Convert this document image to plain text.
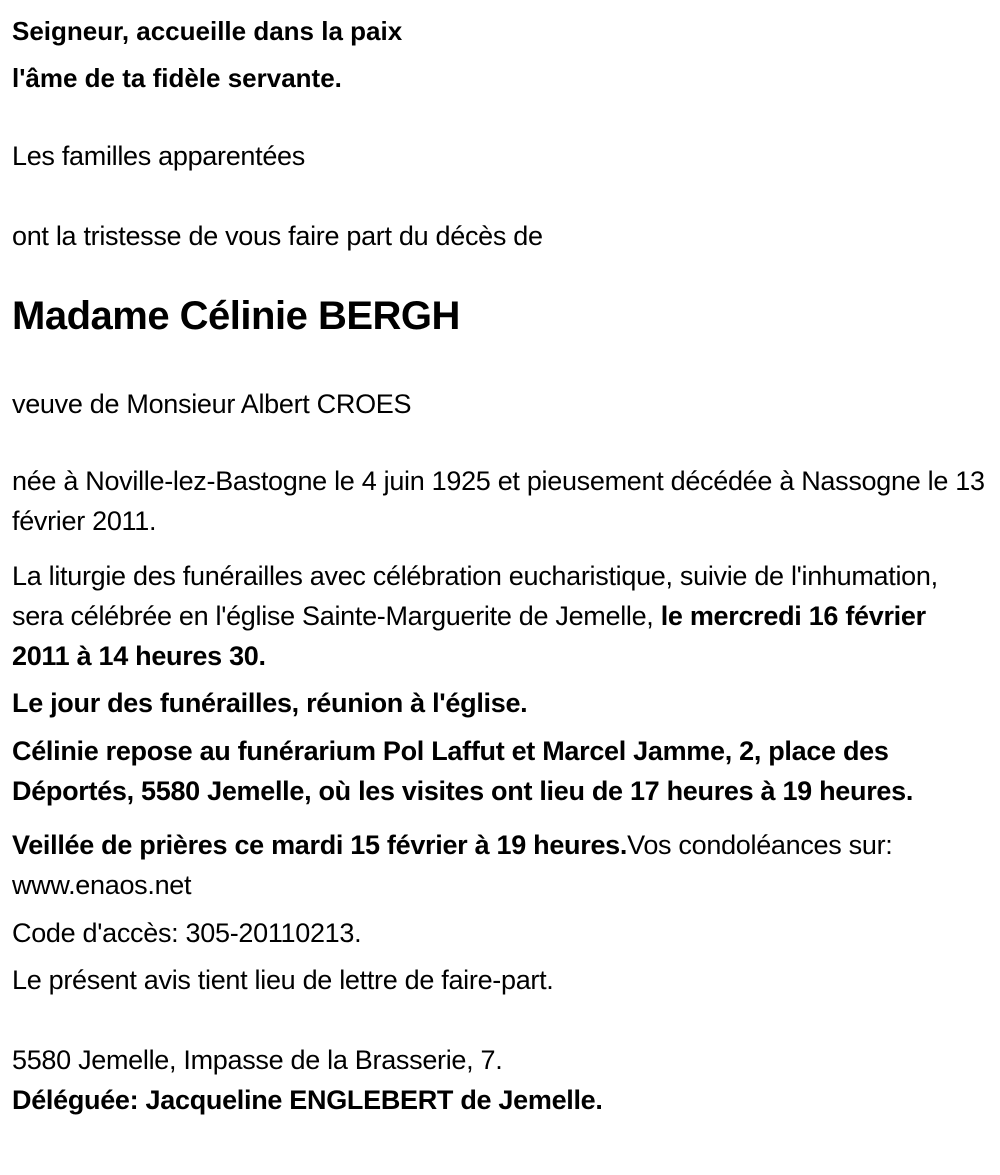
Seigneur, accueille dans la paix
l'âme de ta fidèle servante.

Les familles apparentées

ont la tristesse de vous faire part du décès de

Madame Célinie BERGH

veuve de Monsieur Albert CROES

née à Noville-lez-Bastogne le 4 juin 1925 et pieusement décédée à Nassogne le 13 février 2011.

La liturgie des funérailles avec célébration eucharistique, suivie de l'inhumation, sera célébrée en l'église Sainte-Marguerite de Jemelle, le mercredi 16 février 2011 à 14 heures 30.

Le jour des funérailles, réunion à l'église.

Célinie repose au funérarium Pol Laffut et Marcel Jamme, 2, place des Déportés, 5580 Jemelle, où les visites ont lieu de 17 heures à 19 heures.

Veillée de prières ce mardi 15 février à 19 heures.Vos condoléances sur: www.enaos.net

Code d'accès: 305-20110213.

Le présent avis tient lieu de lettre de faire-part.

5580 Jemelle, Impasse de la Brasserie, 7.
Déléguée: Jacqueline ENGLEBERT de Jemelle.
